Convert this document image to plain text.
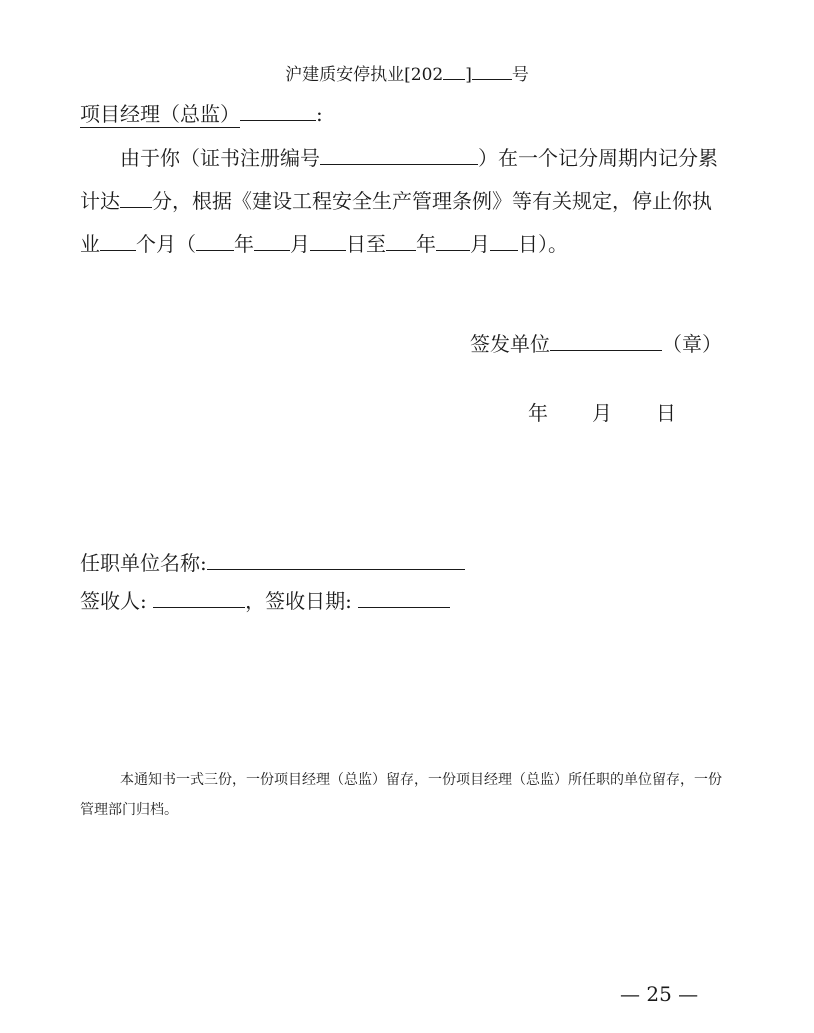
沪建质安停执业[202 ] 号
项目经理（总监）	:
由于你（证书注册编号	）在一个记分周期内记分累
计达 分，根据《建设工程安全生产管理条例》等有关规定，停止你执
业 个月（ 年 月 日至 年 月 日）。
签发单位	（章）
年 月 日
任职单位名称:
签收人:	，签收日期:
本通知书一式三份，一份项目经理（总监）留存，一份项目经理（总监）所任职的单位留存，一份管理部门归档。
— 25 —
